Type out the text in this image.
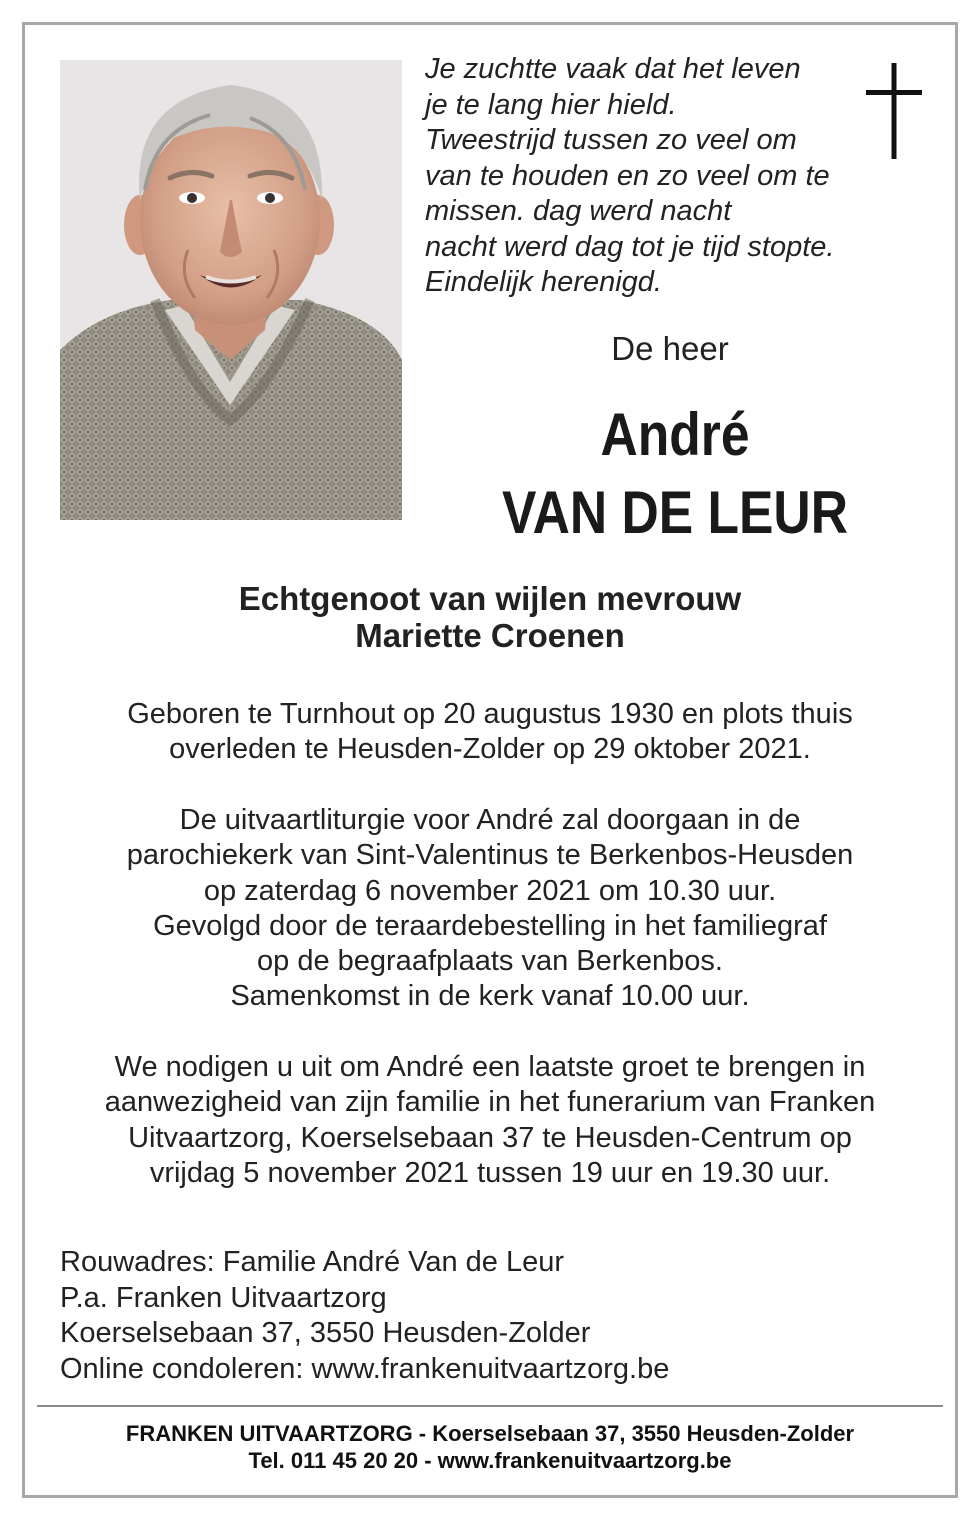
Je zuchtte vaak dat het leven
je te lang hier hield.
Tweestrijd tussen zo veel om
van te houden en zo veel om te
missen. dag werd nacht
nacht werd dag tot je tijd stopte.
Eindelijk herenigd.
De heer
André
VAN DE LEUR
Echtgenoot van wijlen mevrouw
Mariette Croenen
Geboren te Turnhout op 20 augustus 1930 en plots thuis
overleden te Heusden-Zolder op 29 oktober 2021.
De uitvaartliturgie voor André zal doorgaan in de
parochiekerk van Sint-Valentinus te Berkenbos-Heusden
op zaterdag 6 november 2021 om 10.30 uur.
Gevolgd door de teraardebestelling in het familiegraf
op de begraafplaats van Berkenbos.
Samenkomst in de kerk vanaf 10.00 uur.
We nodigen u uit om André een laatste groet te brengen in
aanwezigheid van zijn familie in het funerarium van Franken
Uitvaartzorg, Koerselsebaan 37 te Heusden-Centrum op
vrijdag 5 november 2021 tussen 19 uur en 19.30 uur.
Rouwadres: Familie André Van de Leur
P.a. Franken Uitvaartzorg
Koerselsebaan 37, 3550 Heusden-Zolder
Online condoleren: www.frankenuitvaartzorg.be
FRANKEN UITVAARTZORG - Koerselsebaan 37, 3550 Heusden-Zolder
Tel. 011 45 20 20 - www.frankenuitvaartzorg.be
